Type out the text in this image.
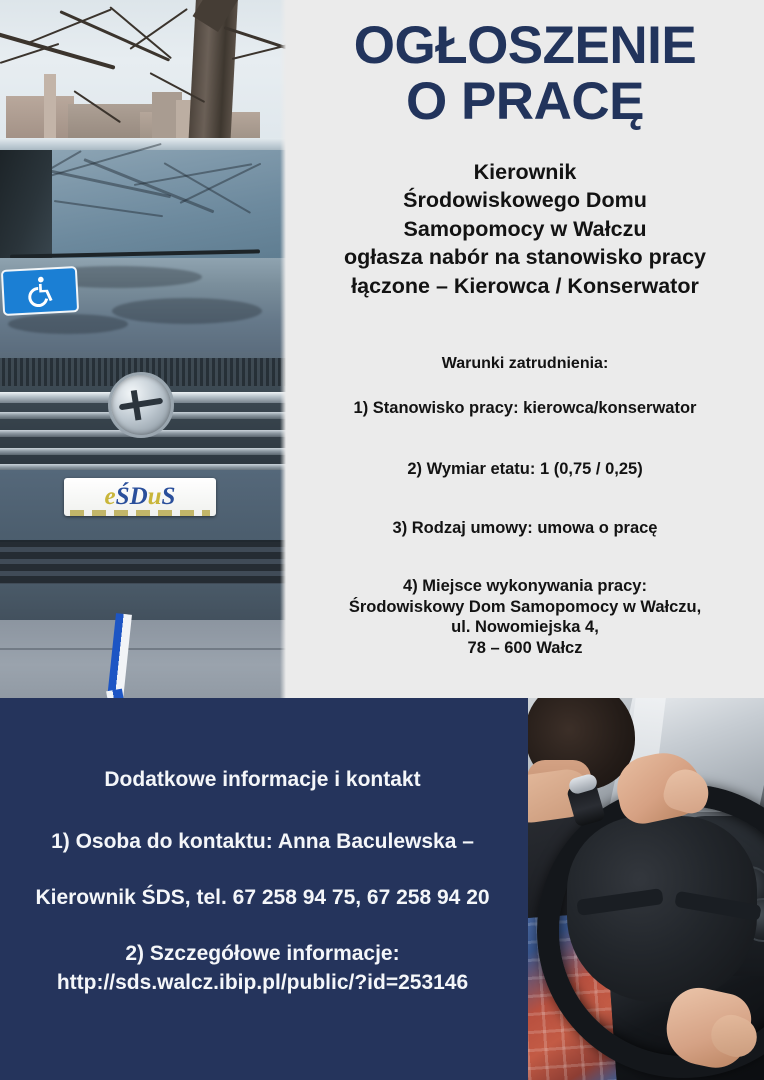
eŚDuS
OGŁOSZENIE
O PRACĘ
Kierownik
Środowiskowego Domu
Samopomocy w Wałczu
ogłasza nabór na stanowisko pracy
łączone – Kierowca / Konserwator
Warunki zatrudnienia:
1) Stanowisko pracy: kierowca/konserwator
2) Wymiar etatu: 1 (0,75 / 0,25)
3) Rodzaj umowy: umowa o pracę
4) Miejsce wykonywania pracy:
Środowiskowy Dom Samopomocy w Wałczu,
ul. Nowomiejska 4,
78 – 600 Wałcz
Dodatkowe informacje i kontakt
1) Osoba do kontaktu: Anna Baculewska –
Kierownik ŚDS, tel. 67 258 94 75, 67 258 94 20
2) Szczegółowe informacje:
http://sds.walcz.ibip.pl/public/?id=253146
